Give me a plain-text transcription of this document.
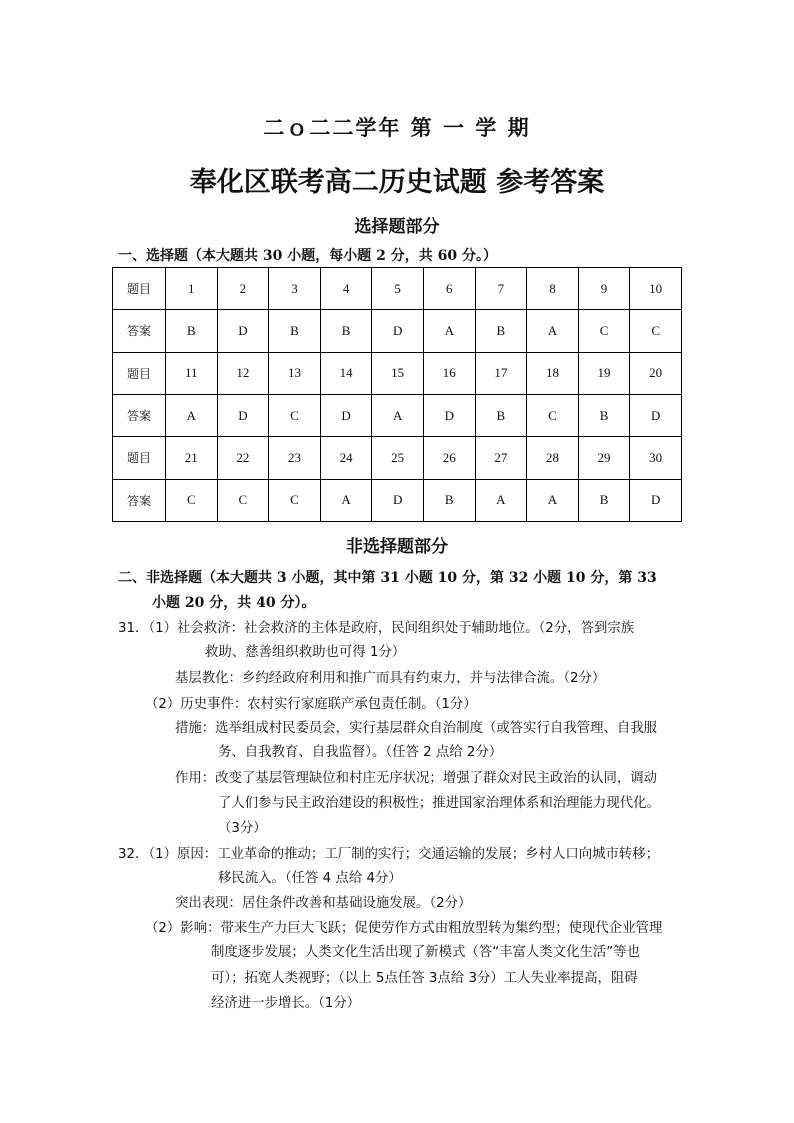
二ｏ二二学年 第 一 学 期
奉化区联考高二历史试题 参考答案
选择题部分
一、选择题（本大题共 30 小题，每小题 2 分，共 60 分。）
题目	1	2	3	4	5	6	7	8	9	10
答案	B	D	B	B	D	A	B	A	C	C
题目	11	12	13	14	15	16	17	18	19	20
答案	A	D	C	D	A	D	B	C	B	D
题目	21	22	23	24	25	26	27	28	29	30
答案	C	C	C	A	D	B	A	A	B	D
非选择题部分
二、非选择题（本大题共 3 小题，其中第 31 小题 10 分，第 32 小题 10 分，第 33
小题 20 分，共 40 分）。
31．（1）社会救济：社会救济的主体是政府，民间组织处于辅助地位。（2分，答到宗族
救助、慈善组织救助也可得 1分）
基层教化：乡约经政府利用和推广而具有约束力，并与法律合流。（2分）
（2）历史事件：农村实行家庭联产承包责任制。（1分）
措施：选举组成村民委员会，实行基层群众自治制度（或答实行自我管理、自我服
务、自我教育、自我监督）。（任答 2 点给 2分）
作用：改变了基层管理缺位和村庄无序状况；增强了群众对民主政治的认同，调动
了人们参与民主政治建设的积极性；推进国家治理体系和治理能力现代化。
（3分）
32．（1）原因：工业革命的推动；工厂制的实行；交通运输的发展；乡村人口向城市转移；
移民流入。（任答 4 点给 4分）
突出表现：居住条件改善和基础设施发展。（2分）
（2）影响：带来生产力巨大飞跃；促使劳作方式由粗放型转为集约型；使现代企业管理
制度逐步发展；人类文化生活出现了新模式（答“丰富人类文化生活”等也
可）；拓宽人类视野；（以上 5点任答 3点给 3分）工人失业率提高，阻碍
经济进一步增长。（1分）
